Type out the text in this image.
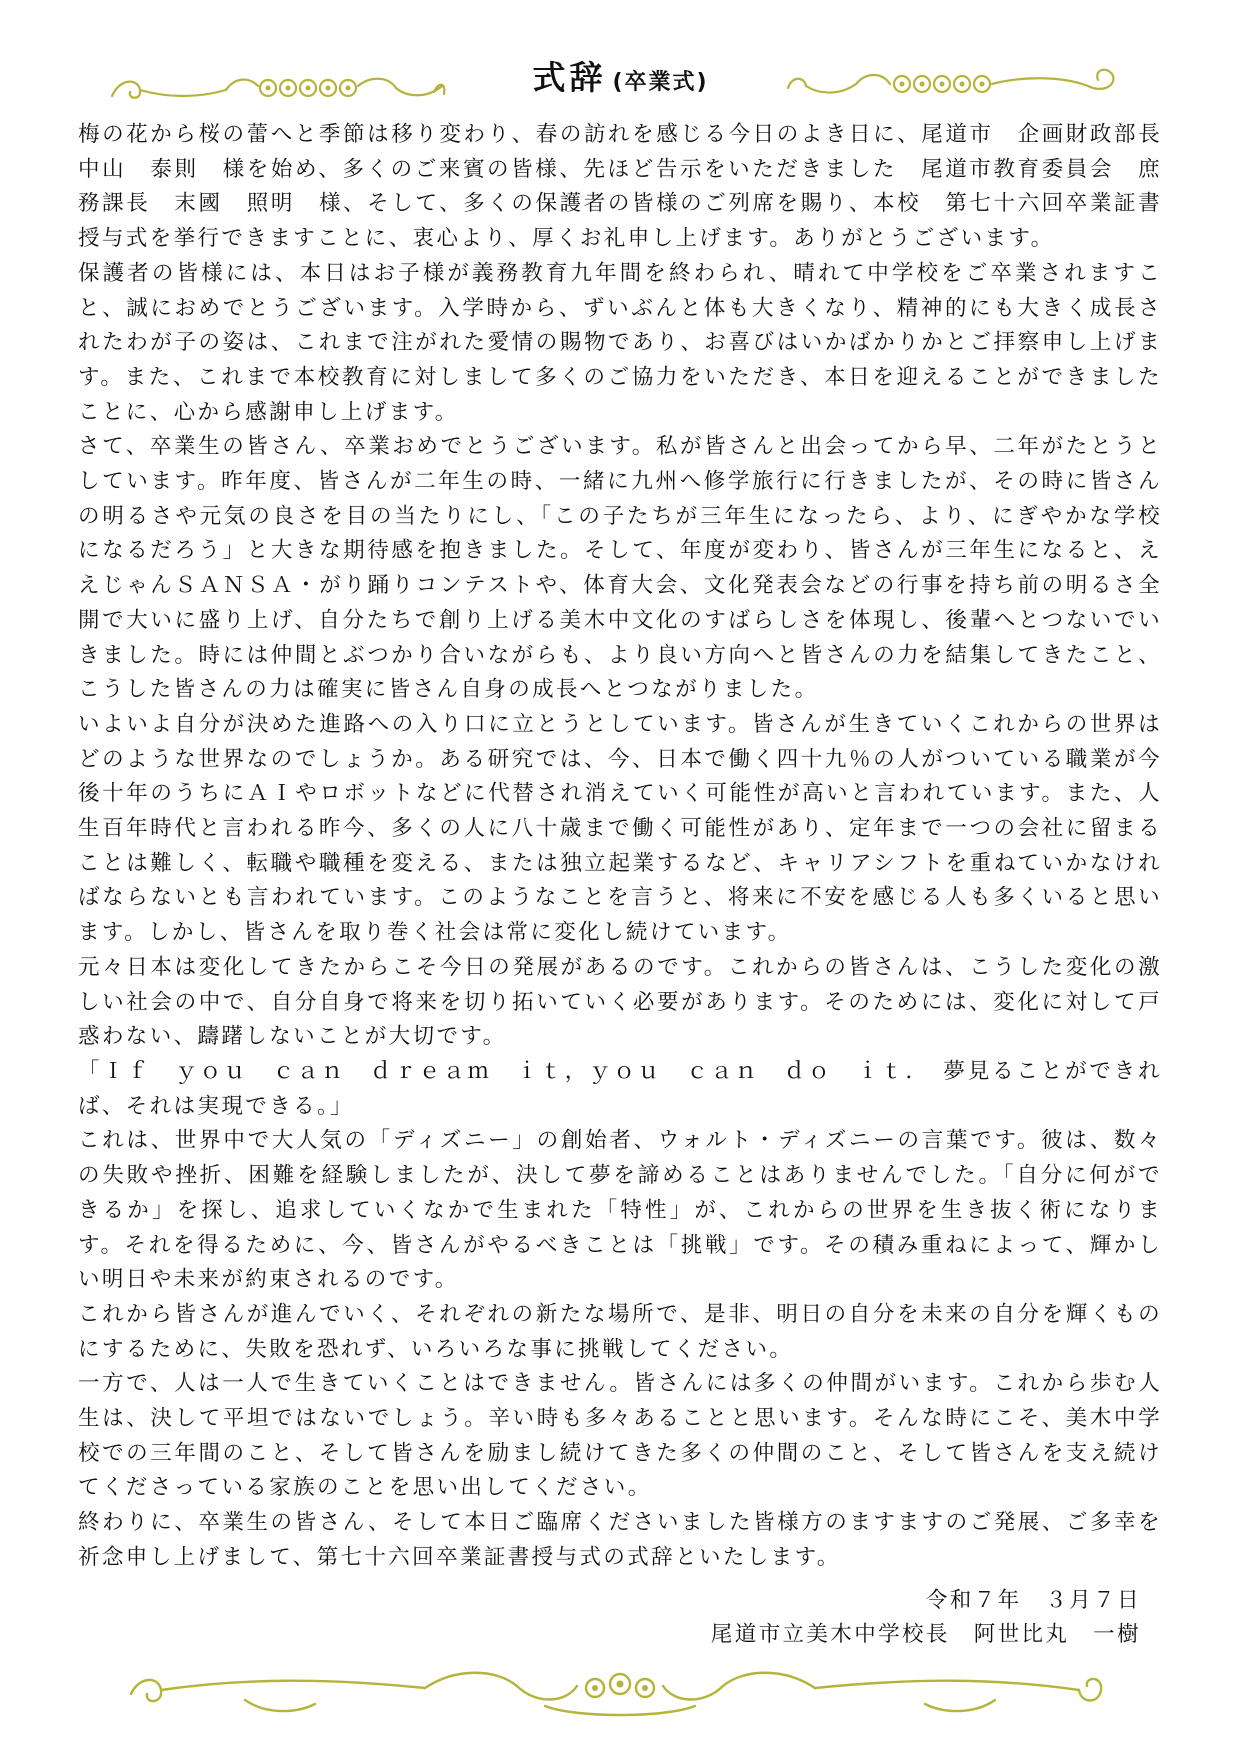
式辞 (卒業式)

梅の花から桜の蕾へと季節は移り変わり、春の訪れを感じる今日のよき日に、尾道市　企画財政部長　中山　泰則　様を始め、多くのご来賓の皆様、先ほど告示をいただきました　尾道市教育委員会　庶務課長　末國　照明　様、そして、多くの保護者の皆様のご列席を賜り、本校　第七十六回卒業証書授与式を挙行できますことに、衷心より、厚くお礼申し上げます。ありがとうございます。

保護者の皆様には、本日はお子様が義務教育九年間を終わられ、晴れて中学校をご卒業されますこと、誠におめでとうございます。入学時から、ずいぶんと体も大きくなり、精神的にも大きく成長されたわが子の姿は、これまで注がれた愛情の賜物であり、お喜びはいかばかりかとご拝察申し上げます。また、これまで本校教育に対しまして多くのご協力をいただき、本日を迎えることができましたことに、心から感謝申し上げます。

さて、卒業生の皆さん、卒業おめでとうございます。私が皆さんと出会ってから早、二年がたとうとしています。昨年度、皆さんが二年生の時、一緒に九州へ修学旅行に行きましたが、その時に皆さんの明るさや元気の良さを目の当たりにし、「この子たちが三年生になったら、より、にぎやかな学校になるだろう」と大きな期待感を抱きました。そして、年度が変わり、皆さんが三年生になると、ええじゃんＳＡＮＳＡ・がり踊りコンテストや、体育大会、文化発表会などの行事を持ち前の明るさ全開で大いに盛り上げ、自分たちで創り上げる美木中文化のすばらしさを体現し、後輩へとつないでいきました。時には仲間とぶつかり合いながらも、より良い方向へと皆さんの力を結集してきたこと、こうした皆さんの力は確実に皆さん自身の成長へとつながりました。

いよいよ自分が決めた進路への入り口に立とうとしています。皆さんが生きていくこれからの世界はどのような世界なのでしょうか。ある研究では、今、日本で働く四十九％の人がついている職業が今後十年のうちにＡＩやロボットなどに代替され消えていく可能性が高いと言われています。また、人生百年時代と言われる昨今、多くの人に八十歳まで働く可能性があり、定年まで一つの会社に留まることは難しく、転職や職種を変える、または独立起業するなど、キャリアシフトを重ねていかなければならないとも言われています。このようなことを言うと、将来に不安を感じる人も多くいると思います。しかし、皆さんを取り巻く社会は常に変化し続けています。

元々日本は変化してきたからこそ今日の発展があるのです。これからの皆さんは、こうした変化の激しい社会の中で、自分自身で将来を切り拓いていく必要があります。そのためには、変化に対して戸惑わない、躊躇しないことが大切です。

「Ｉｆ　ｙｏｕ　ｃａｎ　ｄｒｅａｍ　ｉｔ，ｙｏｕ　ｃａｎ　ｄｏ　ｉｔ．　夢見ることができれば、それは実現できる。」

これは、世界中で大人気の「ディズニー」の創始者、ウォルト・ディズニーの言葉です。彼は、数々の失敗や挫折、困難を経験しましたが、決して夢を諦めることはありませんでした。「自分に何ができるか」を探し、追求していくなかで生まれた「特性」が、これからの世界を生き抜く術になります。それを得るために、今、皆さんがやるべきことは「挑戦」です。その積み重ねによって、輝かしい明日や未来が約束されるのです。

これから皆さんが進んでいく、それぞれの新たな場所で、是非、明日の自分を未来の自分を輝くものにするために、失敗を恐れず、いろいろな事に挑戦してください。

一方で、人は一人で生きていくことはできません。皆さんには多くの仲間がいます。これから歩む人生は、決して平坦ではないでしょう。辛い時も多々あることと思います。そんな時にこそ、美木中学校での三年間のこと、そして皆さんを励まし続けてきた多くの仲間のこと、そして皆さんを支え続けてくださっている家族のことを思い出してください。

終わりに、卒業生の皆さん、そして本日ご臨席くださいました皆様方のますますのご発展、ご多幸を祈念申し上げまして、第七十六回卒業証書授与式の式辞といたします。

令和７年　３月７日
尾道市立美木中学校長　阿世比丸　一樹
